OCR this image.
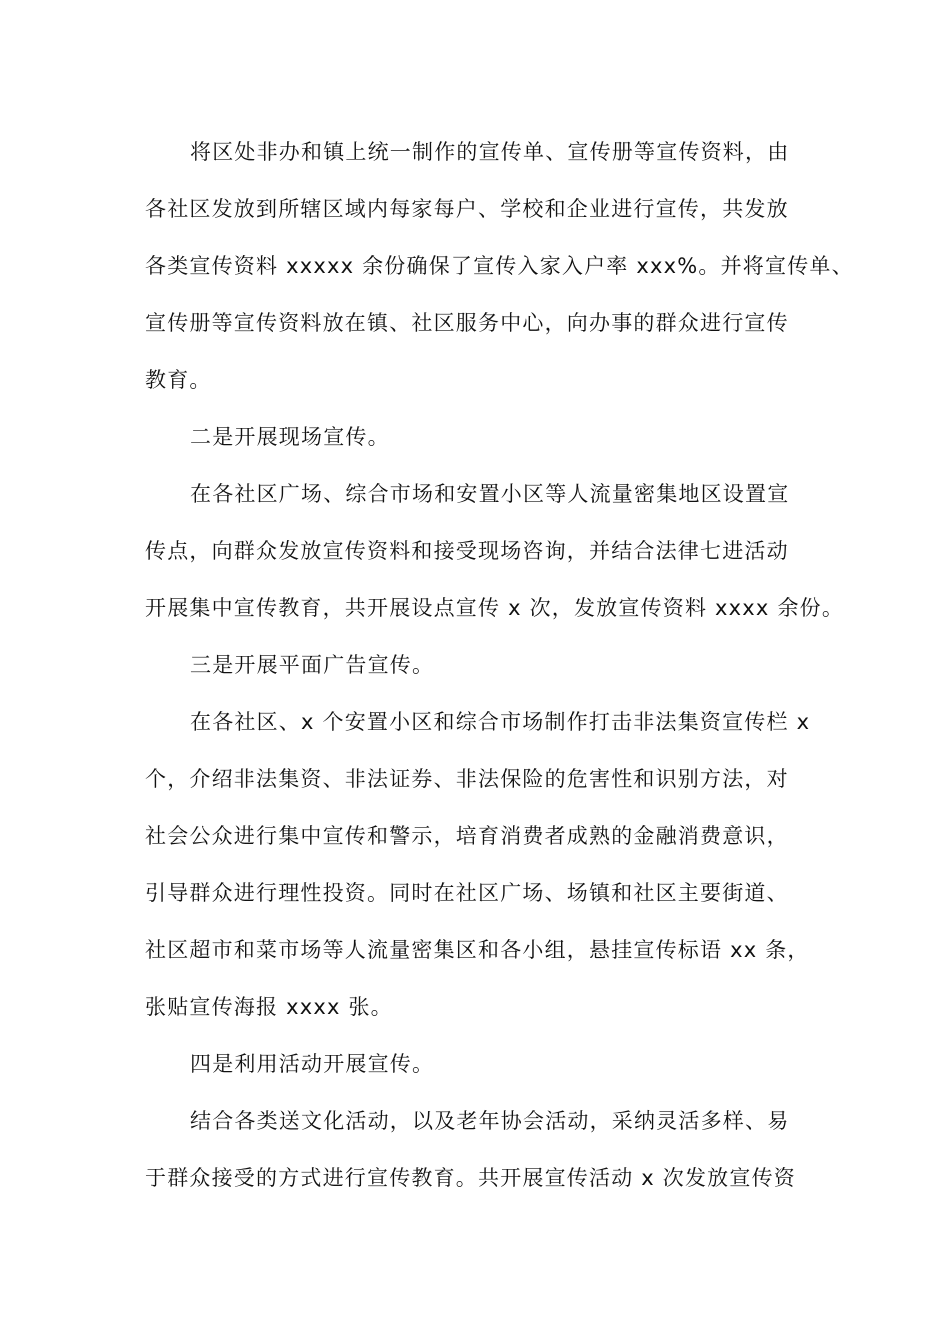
将区处非办和镇上统一制作的宣传单、宣传册等宣传资料，由
各社区发放到所辖区域内每家每户、学校和企业进行宣传，共发放
各类宣传资料 xxxxx 余份确保了宣传入家入户率 xxx%。并将宣传单、
宣传册等宣传资料放在镇、社区服务中心，向办事的群众进行宣传
教育。
二是开展现场宣传。
在各社区广场、综合市场和安置小区等人流量密集地区设置宣
传点，向群众发放宣传资料和接受现场咨询，并结合法律七进活动
开展集中宣传教育，共开展设点宣传 x 次，发放宣传资料 xxxx 余份。
三是开展平面广告宣传。
在各社区、x 个安置小区和综合市场制作打击非法集资宣传栏 x
个，介绍非法集资、非法证券、非法保险的危害性和识别方法，对
社会公众进行集中宣传和警示，培育消费者成熟的金融消费意识，
引导群众进行理性投资。同时在社区广场、场镇和社区主要街道、
社区超市和菜市场等人流量密集区和各小组，悬挂宣传标语 xx 条，
张贴宣传海报 xxxx 张。
四是利用活动开展宣传。
结合各类送文化活动，以及老年协会活动，采纳灵活多样、易
于群众接受的方式进行宣传教育。共开展宣传活动 x 次发放宣传资
